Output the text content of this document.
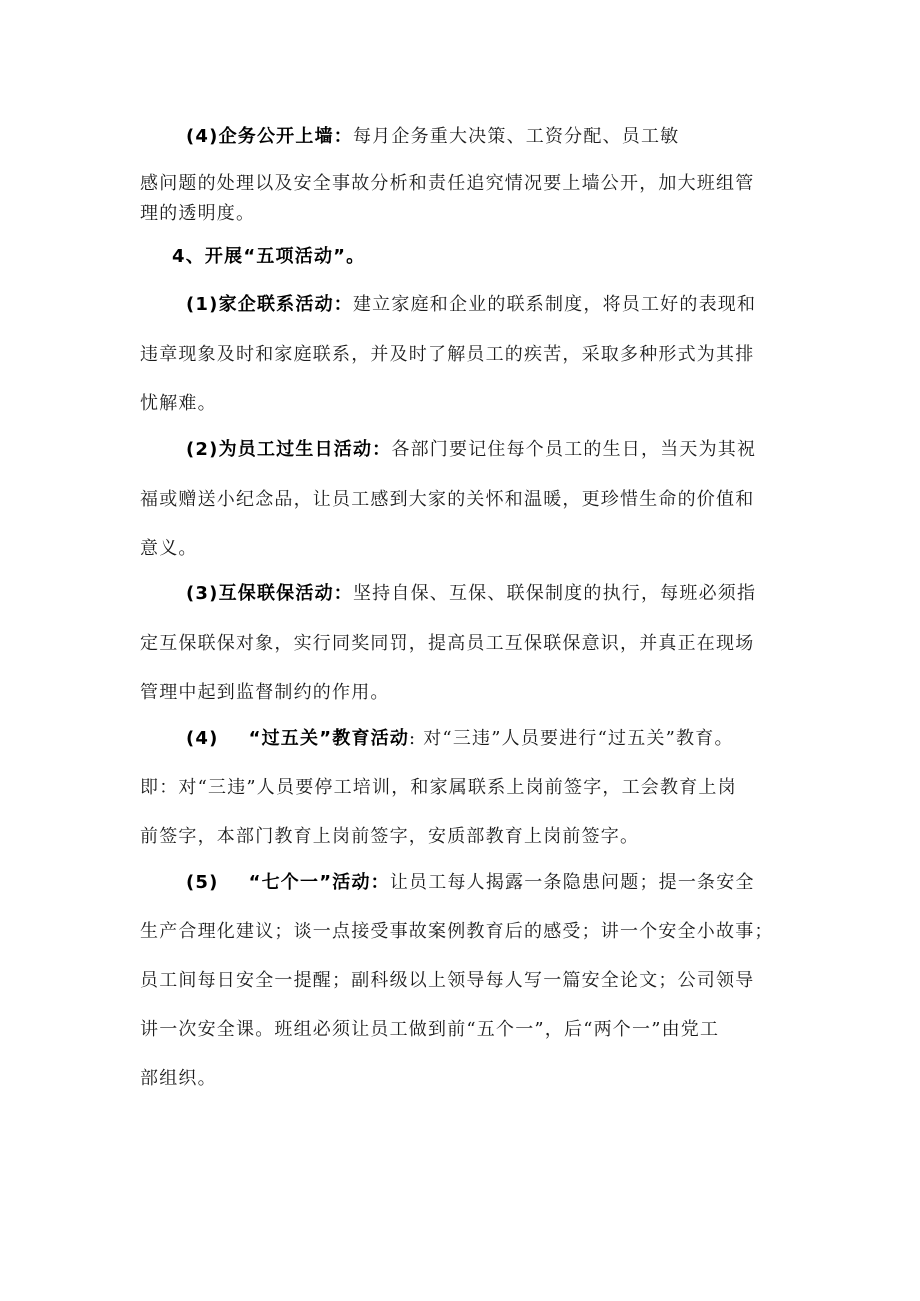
(4)企务公开上墙：每月企务重大决策、工资分配、员工敏
感问题的处理以及安全事故分析和责任追究情况要上墙公开，加大班组管
理的透明度。
4、开展“五项活动”。
(1)家企联系活动：建立家庭和企业的联系制度，将员工好的表现和
违章现象及时和家庭联系，并及时了解员工的疾苦，采取多种形式为其排
忧解难。
(2)为员工过生日活动：各部门要记住每个员工的生日，当天为其祝
福或赠送小纪念品，让员工感到大家的关怀和温暖，更珍惜生命的价值和
意义。
(3)互保联保活动：坚持自保、互保、联保制度的执行，每班必须指
定互保联保对象，实行同奖同罚，提高员工互保联保意识，并真正在现场
管理中起到监督制约的作用。
(4) “过五关”教育活动: 对“三违”人员要进行“过五关”教育。
即：对“三违”人员要停工培训，和家属联系上岗前签字，工会教育上岗
前签字，本部门教育上岗前签字，安质部教育上岗前签字。
(5) “七个一”活动：让员工每人揭露一条隐患问题；提一条安全
生产合理化建议；谈一点接受事故案例教育后的感受；讲一个安全小故事；
员工间每日安全一提醒；副科级以上领导每人写一篇安全论文；公司领导
讲一次安全课。班组必须让员工做到前“五个一”，后“两个一”由党工
部组织。
